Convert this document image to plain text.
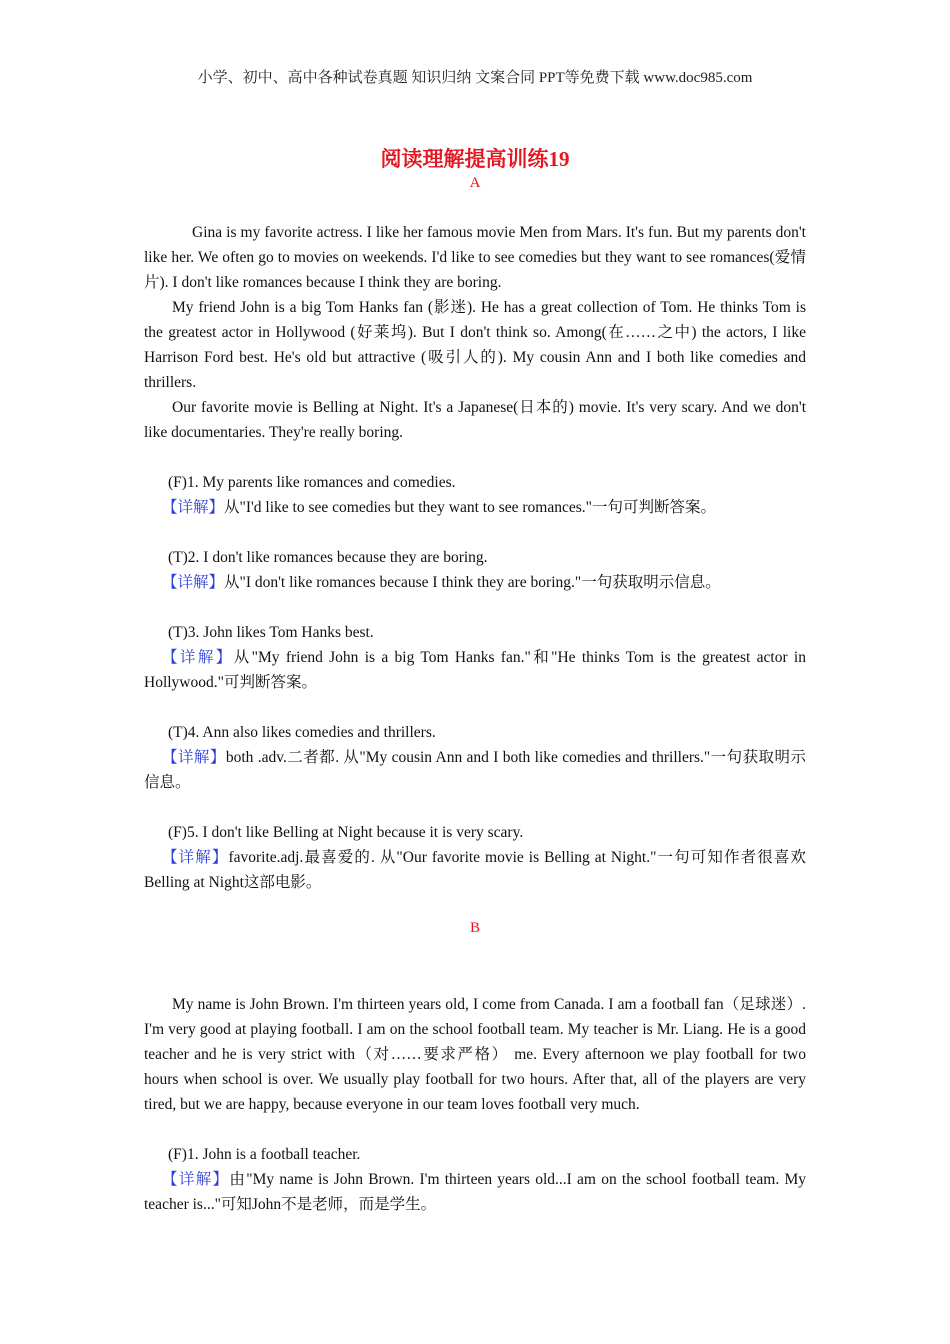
小学、初中、高中各种试卷真题 知识归纳 文案合同 PPT等免费下载 www.doc985.com
阅读理解提高训练19
A

Gina is my favorite actress. I like her famous movie Men from Mars. It's fun. But my parents don't like her. We often go to movies on weekends. I'd like to see comedies but they want to see romances(爱情片). I don't like romances because I think they are boring.

My friend John is a big Tom Hanks fan (影迷). He has a great collection of Tom. He thinks Tom is the greatest actor in Hollywood (好莱坞). But I don't think so. Among(在……之中) the actors, I like Harrison Ford best. He's old but attractive (吸引人的). My cousin Ann and I both like comedies and thrillers.

Our favorite movie is Belling at Night. It's a Japanese(日本的) movie. It's very scary. And we don't like documentaries. They're really boring.

(F)1. My parents like romances and comedies.

【详解】从"I'd like to see comedies but they want to see romances."一句可判断答案。

(T)2. I don't like romances because they are boring.

【详解】从"I don't like romances because I think they are boring."一句获取明示信息。

(T)3. John likes Tom Hanks best.

【详解】从"My friend John is a big Tom Hanks fan."和"He thinks Tom is the greatest actor in Hollywood."可判断答案。

(T)4. Ann also likes comedies and thrillers.

【详解】both .adv.二者都. 从"My cousin Ann and I both like comedies and thrillers."一句获取明示信息。

(F)5. I don't like Belling at Night because it is very scary.

【详解】favorite.adj.最喜爱的. 从"Our favorite movie is Belling at Night."一句可知作者很喜欢Belling at Night这部电影。

B

My name is John Brown. I'm thirteen years old, I come from Canada. I am a football fan（足球迷）. I'm very good at playing football. I am on the school football team. My teacher is Mr. Liang. He is a good teacher and he is very strict with（对……要求严格） me. Every afternoon we play football for two hours when school is over. We usually play football for two hours. After that, all of the players are very tired, but we are happy, because everyone in our team loves football very much.

(F)1. John is a football teacher.

【详解】由"My name is John Brown. I'm thirteen years old...I am on the school football team. My teacher is..."可知John不是老师，而是学生。
